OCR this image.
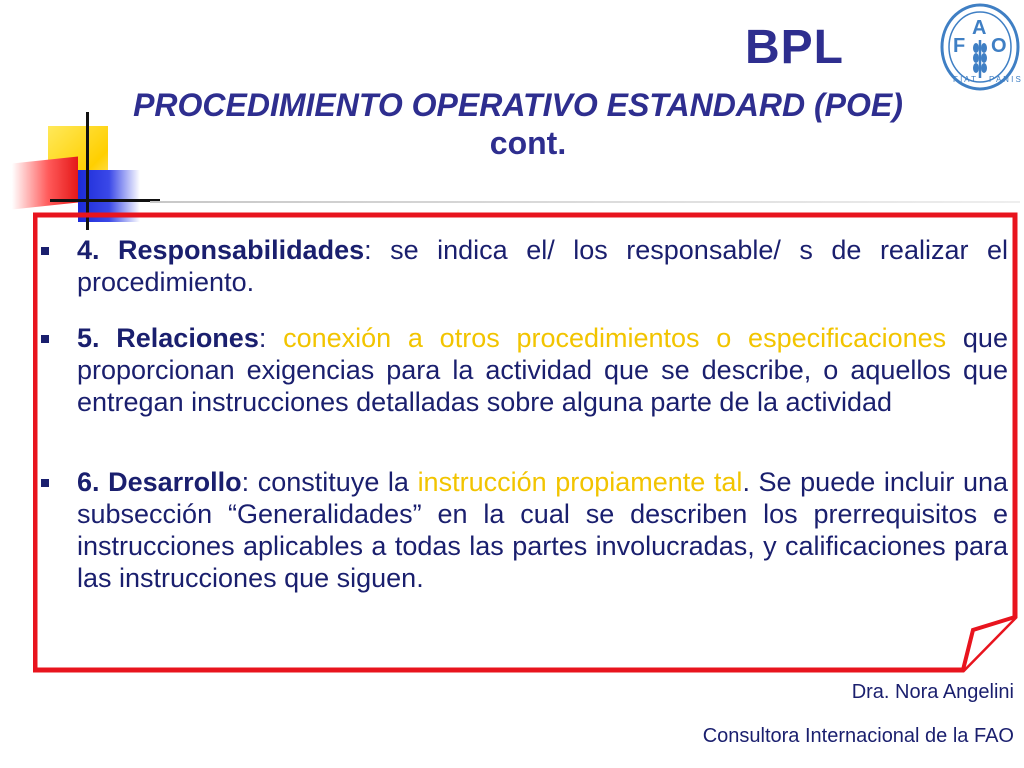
BPL	F
A
O
F I A T P A N I S
PROCEDIMIENTO OPERATIVO ESTANDARD (POE)
cont.
4. Responsabilidades: se indica el/ los responsable/ s de realizar el procedimiento.
5. Relaciones: conexión a otros procedimientos o especificaciones que proporcionan exigencias para la actividad que se describe, o aquellos que entregan instrucciones detalladas sobre alguna parte de la actividad
6. Desarrollo: constituye la instrucción propiamente tal. Se puede incluir una subsección “Generalidades” en la cual se describen los prerrequisitos e instrucciones aplicables a todas las partes involucradas, y calificaciones para las instrucciones que siguen.
Dra. Nora Angelini
Consultora Internacional de la FAO
